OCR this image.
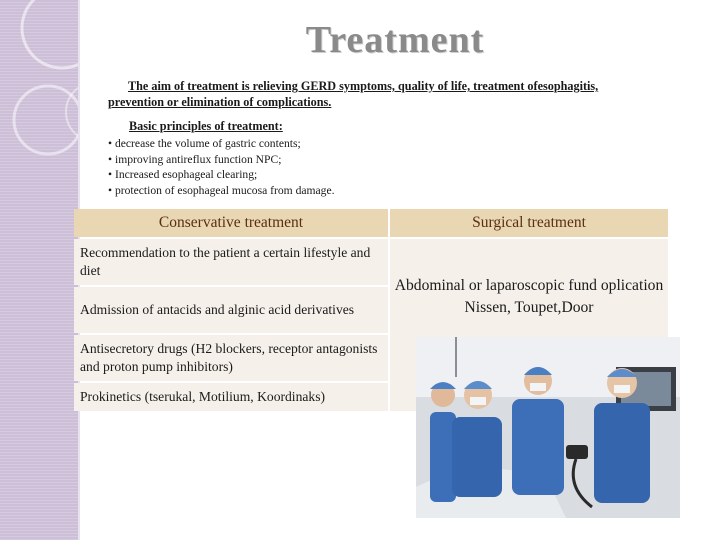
Treatment
The aim of treatment is relieving GERD symptoms, quality of life, treatment ofesophagitis, prevention or elimination of complications.
Basic principles of treatment:
• decrease the volume of gastric contents;
• improving antireflux function NPC;
• Increased esophageal clearing;
• protection of esophageal mucosa from damage.
Conservative treatment	Surgical treatment
Recommendation to the patient a certain lifestyle and diet	Abdominal or laparoscopic fund oplication Nissen, Toupet,Door
Admission of antacids and alginic acid derivatives	
Antisecretory drugs (H2 blockers, receptor antagonists and proton pump inhibitors)	
Prokinetics (tserukal, Motilium, Koordinaks)	
